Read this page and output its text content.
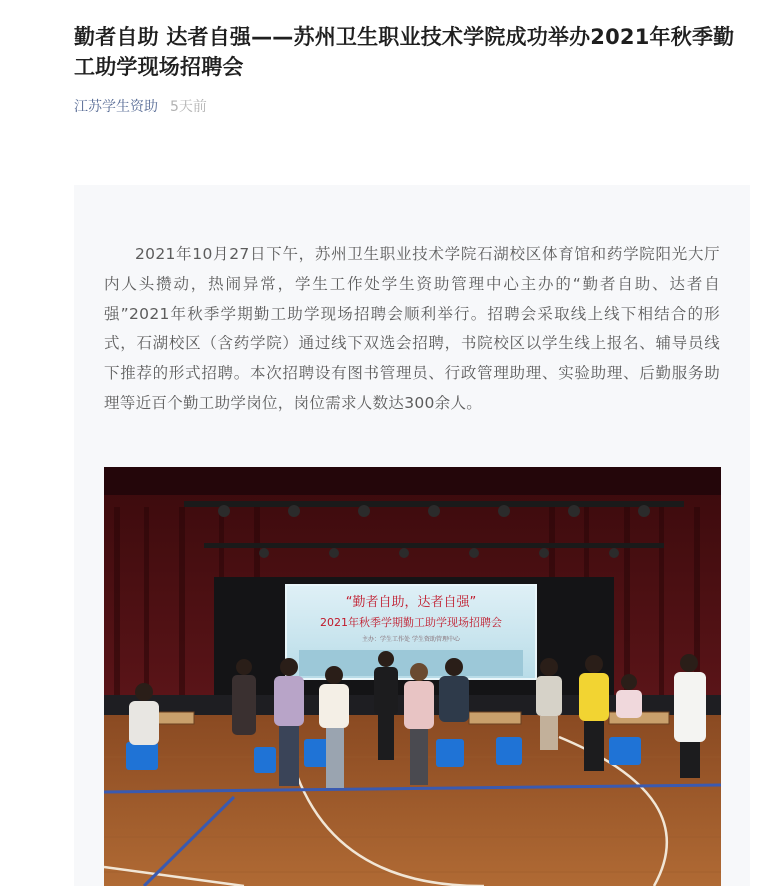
勤者自助 达者自强——苏州卫生职业技术学院成功举办2021年秋季勤工助学现场招聘会
江苏学生资助 5天前

2021年10月27日下午，苏州卫生职业技术学院石湖校区体育馆和药学院阳光大厅内人头攒动，热闹异常，学生工作处学生资助管理中心主办的“勤者自助、达者自强”2021年秋季学期勤工助学现场招聘会顺利举行。招聘会采取线上线下相结合的形式，石湖校区（含药学院）通过线下双选会招聘，书院校区以学生线上报名、辅导员线下推荐的形式招聘。本次招聘设有图书管理员、行政管理助理、实验助理、后勤服务助理等近百个勤工助学岗位，岗位需求人数达300余人。

“勤者自助，达者自强”
2021年秋季学期勤工助学现场招聘会
主办：学生工作处 学生资助管理中心
